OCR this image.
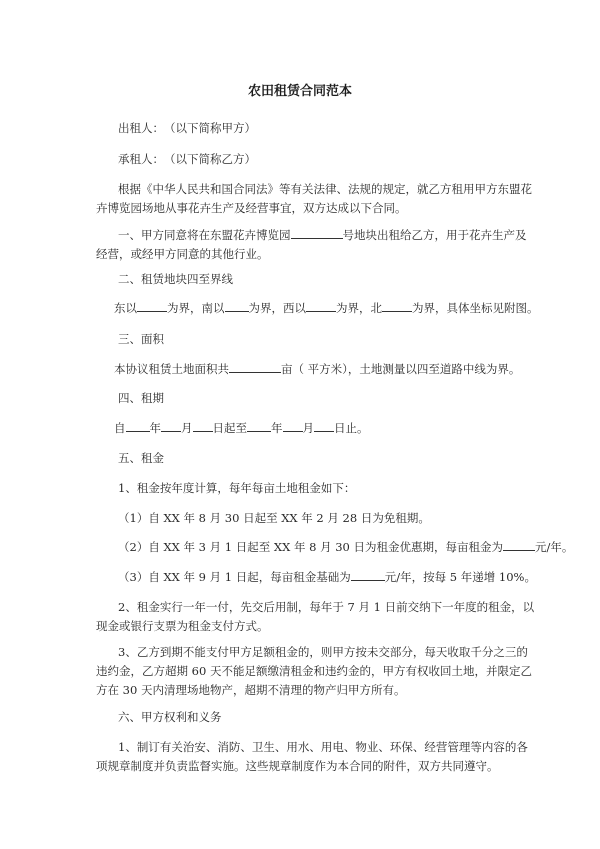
农田租赁合同范本
出租人：　（以下简称甲方）
承租人：　（以下简称乙方）
根据《中华人民共和国合同法》等有关法律、法规的规定，就乙方租用甲方东盟花
卉博览园场地从事花卉生产及经营事宜，双方达成以下合同。
一、甲方同意将在东盟花卉博览园	号地块出租给乙方，用于花卉生产及
经营，或经甲方同意的其他行业。
二、租赁地块四至界线
东以	为界，南以 为界，西以	为界，北	为界，具体坐标见附图。
三、面积
本协议租赁土地面积共	亩（ 平方米），土地测量以四至道路中线为界。
四、租期
自 年 月 日起至 年 月 日止。
五、租金
1、租金按年度计算，每年每亩土地租金如下：
（1）自 XX 年 8 月 30 日起至 XX 年 2 月 28 日为免租期。
（2）自 XX 年 3 月 1 日起至 XX 年 8 月 30 日为租金优惠期，每亩租金为	元/年。
（3）自 XX 年 9 月 1 日起，每亩租金基础为	元/年，按每 5 年递增 10%。
2、租金实行一年一付，先交后用制，每年于 7 月 1 日前交纳下一年度的租金，以
现金或银行支票为租金支付方式。
3、乙方到期不能支付甲方足额租金的，则甲方按未交部分，每天收取千分之三的
违约金，乙方超期 60 天不能足额缴清租金和违约金的，甲方有权收回土地，并限定乙
方在 30 天内清理场地物产，超期不清理的物产归甲方所有。
六、甲方权利和义务
1、制订有关治安、消防、卫生、用水、用电、物业、环保、经营管理等内容的各
项规章制度并负责监督实施。这些规章制度作为本合同的附件，双方共同遵守。
